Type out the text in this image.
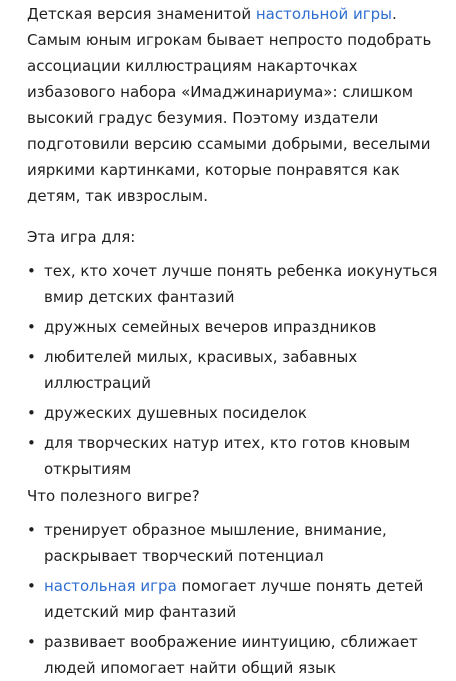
Детская версия знаменитой настольной игры. Самым юным игрокам бывает непросто подобрать ассоциации киллюстрациям накарточках избазового набора «Имаджинариума»: слишком высокий градус безумия. Поэтому издатели подготовили версию ссамыми добрыми, веселыми ияркими картинками, которые понравятся как детям, так ивзрослым.

Эта игра для:

• тех, кто хочет лучше понять ребенка иокунуться вмир детских фантазий
• дружных семейных вечеров ипраздников
• любителей милых, красивых, забавных иллюстраций
• дружеских душевных посиделок
• для творческих натур итех, кто готов кновым открытиям

Что полезного вигре?

• тренирует образное мышление, внимание, раскрывает творческий потенциал
• настольная игра помогает лучше понять детей идетский мир фантазий
• развивает воображение иинтуицию, сближает людей ипомогает найти общий язык
